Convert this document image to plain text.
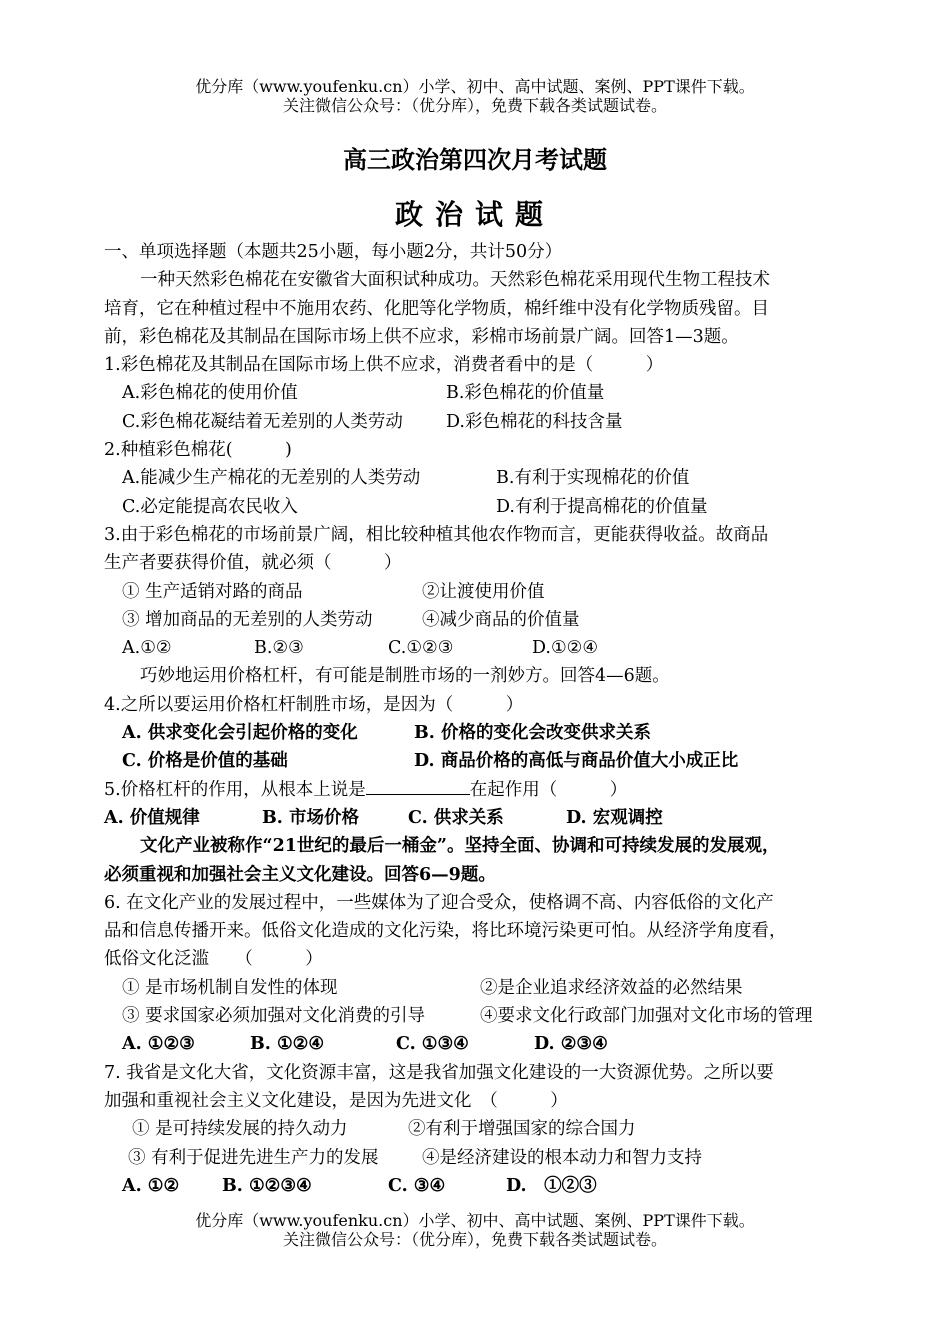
优分库（www.youfenku.cn）小学、初中、高中试题、案例、PPT课件下载。
关注微信公众号：（优分库），免费下载各类试题试卷。
高三政治第四次月考试题
政治试题
一、单项选择题（本题共25小题，每小题2分，共计50分）
一种天然彩色棉花在安徽省大面积试种成功。天然彩色棉花采用现代生物工程技术
培育，它在种植过程中不施用农药、化肥等化学物质，棉纤维中没有化学物质残留。目
前，彩色棉花及其制品在国际市场上供不应求，彩棉市场前景广阔。回答1—3题。
1.彩色棉花及其制品在国际市场上供不应求，消费者看中的是（　　　）
A.彩色棉花的使用价值	B.彩色棉花的价值量
C.彩色棉花凝结着无差别的人类劳动 D.彩色棉花的科技含量
2.种植彩色棉花(　　　)
A.能减少生产棉花的无差别的人类劳动	B.有利于实现棉花的价值
C.必定能提高农民收入	D.有利于提高棉花的价值量
3.由于彩色棉花的市场前景广阔，相比较种植其他农作物而言，更能获得收益。故商品
生产者要获得价值，就必须（　　　）
① 生产适销对路的商品	②让渡使用价值
③ 增加商品的无差别的人类劳动	④减少商品的价值量
A.①②	B.②③	C.①②③	D.①②④
巧妙地运用价格杠杆，有可能是制胜市场的一剂妙方。回答4—6题。
4.之所以要运用价格杠杆制胜市场，是因为（　　　）
A. 供求变化会引起价格的变化	B. 价格的变化会改变供求关系
C. 价格是价值的基础	D. 商品价格的高低与商品价值大小成正比
5.价格杠杆的作用，从根本上说是	在起作用（　　　）
A. 价值规律	B. 市场价格	C. 供求关系	D. 宏观调控
文化产业被称作“21世纪的最后一桶金”。坚持全面、协调和可持续发展的发展观，
必须重视和加强社会主义文化建设。回答6—9题。
6. 在文化产业的发展过程中，一些媒体为了迎合受众，使格调不高、内容低俗的文化产
品和信息传播开来。低俗文化造成的文化污染，将比环境污染更可怕。从经济学角度看，
低俗文化泛滥　　（　　　）
① 是市场机制自发性的体现	②是企业追求经济效益的必然结果
③ 要求国家必须加强对文化消费的引导	④要求文化行政部门加强对文化市场的管理
A. ①②③	B. ①②④	C. ①③④	D. ②③④
7. 我省是文化大省，文化资源丰富，这是我省加强文化建设的一大资源优势。之所以要
加强和重视社会主义文化建设，是因为先进文化　（　　　）
① 是可持续发展的持久动力	②有利于增强国家的综合国力
③ 有利于促进先进生产力的发展 ④是经济建设的根本动力和智力支持
A. ①② B. ①②③④	C. ③④	D.　①②③
优分库（www.youfenku.cn）小学、初中、高中试题、案例、PPT课件下载。
关注微信公众号：（优分库），免费下载各类试题试卷。
